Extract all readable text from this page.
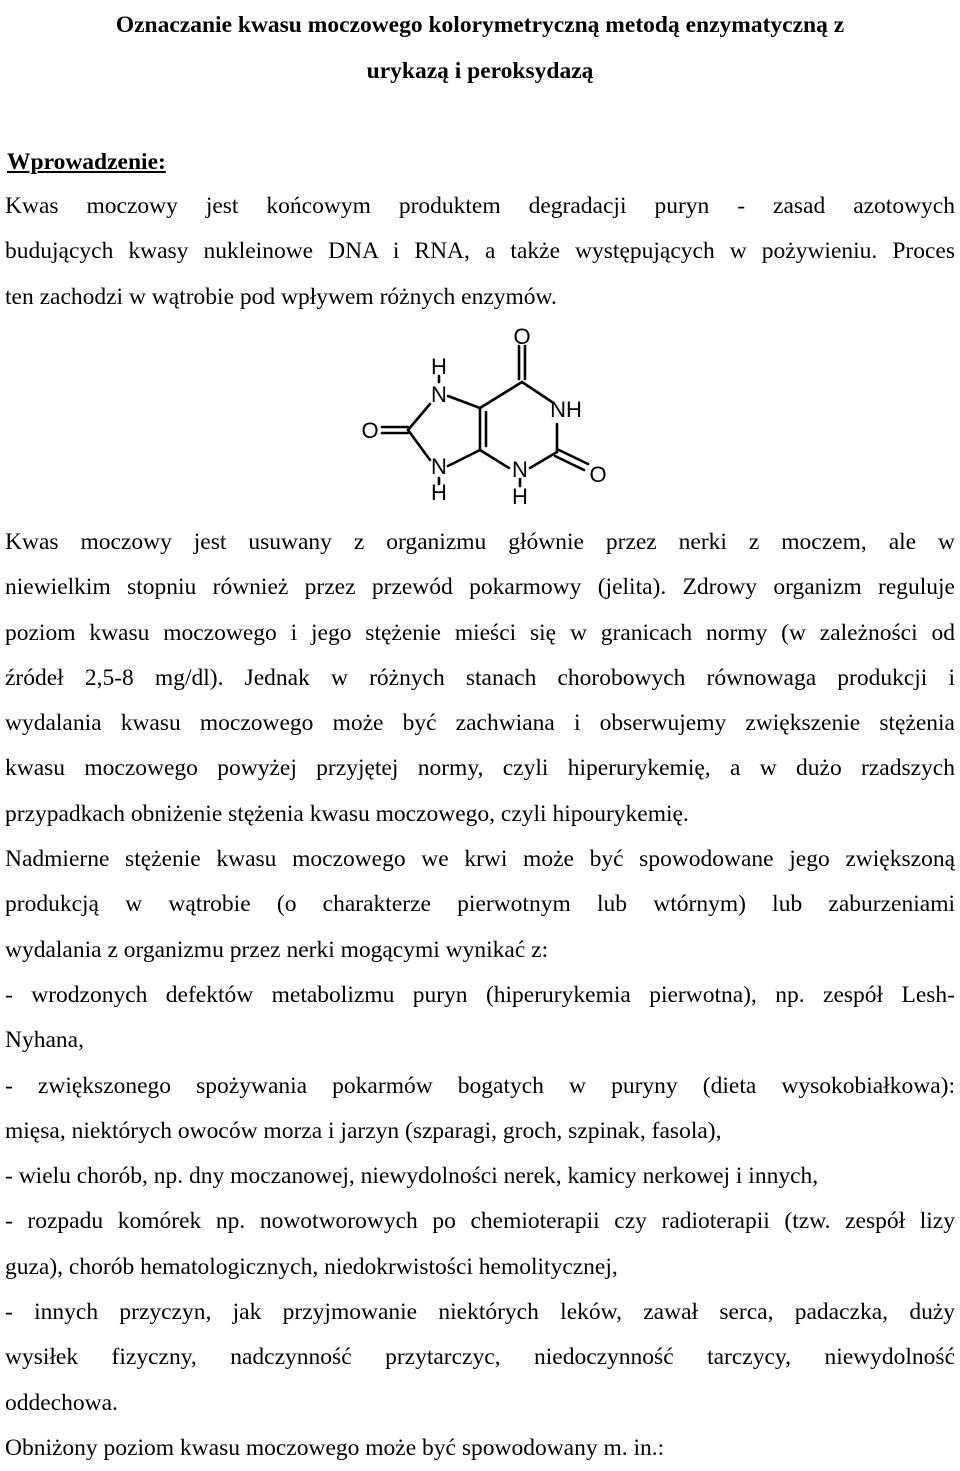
Oznaczanie kwasu moczowego kolorymetryczną metodą enzymatyczną z
urykazą i peroksydazą
Wprowadzenie:
Kwas moczowy jest końcowym produktem degradacji puryn - zasad azotowych
budujących kwasy nukleinowe DNA i RNA, a także występujących w pożywieniu. Proces
ten zachodzi w wątrobie pod wpływem różnych enzymów.
O
H
N
NH
O
N
H
N
H
O
Kwas moczowy jest usuwany z organizmu głównie przez nerki z moczem, ale w
niewielkim stopniu również przez przewód pokarmowy (jelita). Zdrowy organizm reguluje
poziom kwasu moczowego i jego stężenie mieści się w granicach normy (w zależności od
źródeł 2,5-8 mg/dl). Jednak w różnych stanach chorobowych równowaga produkcji i
wydalania kwasu moczowego może być zachwiana i obserwujemy zwiększenie stężenia
kwasu moczowego powyżej przyjętej normy, czyli hiperurykemię, a w dużo rzadszych
przypadkach obniżenie stężenia kwasu moczowego, czyli hipourykemię.
Nadmierne stężenie kwasu moczowego we krwi może być spowodowane jego zwiększoną
produkcją w wątrobie (o charakterze pierwotnym lub wtórnym) lub zaburzeniami
wydalania z organizmu przez nerki mogącymi wynikać z:
- wrodzonych defektów metabolizmu puryn (hiperurykemia pierwotna), np. zespół Lesh-
Nyhana,
- zwiększonego spożywania pokarmów bogatych w puryny (dieta wysokobiałkowa):
mięsa, niektórych owoców morza i jarzyn (szparagi, groch, szpinak, fasola),
- wielu chorób, np. dny moczanowej, niewydolności nerek, kamicy nerkowej i innych,
- rozpadu komórek np. nowotworowych po chemioterapii czy radioterapii (tzw. zespół lizy
guza), chorób hematologicznych, niedokrwistości hemolitycznej,
- innych przyczyn, jak przyjmowanie niektórych leków, zawał serca, padaczka, duży
wysiłek fizyczny, nadczynność przytarczyc, niedoczynność tarczycy, niewydolność
oddechowa.
Obniżony poziom kwasu moczowego może być spowodowany m. in.:
